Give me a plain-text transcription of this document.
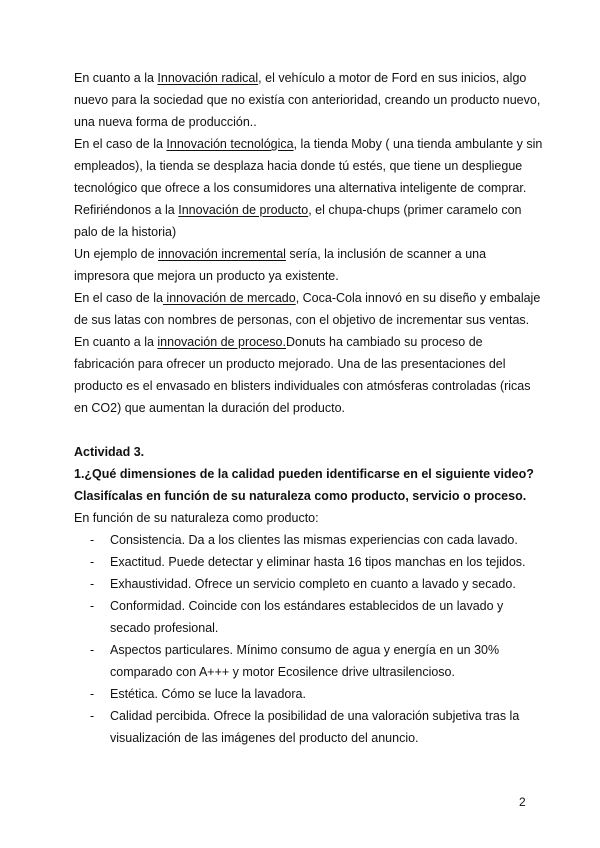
En cuanto a la Innovación radical, el vehículo a motor de Ford en sus inicios, algo nuevo para la sociedad que no existía con anterioridad, creando un producto nuevo, una nueva forma de producción..

En el caso de la Innovación tecnológica, la tienda Moby ( una tienda ambulante y sin empleados), la tienda se desplaza hacia donde tú estés, que tiene un despliegue tecnológico que ofrece a los consumidores una alternativa inteligente de comprar.

Refiriéndonos a la Innovación de producto, el chupa-chups (primer caramelo con palo de la historia)

Un ejemplo de innovación incremental sería, la inclusión de scanner a una impresora que mejora un producto ya existente.

En el caso de la innovación de mercado, Coca-Cola innovó en su diseño y embalaje de sus latas con nombres de personas, con el objetivo de incrementar sus ventas.

En cuanto a la innovación de proceso.Donuts ha cambiado su proceso de fabricación para ofrecer un producto mejorado. Una de las presentaciones del producto es el envasado en blisters individuales con atmósferas controladas (ricas en CO2) que aumentan la duración del producto.

Actividad 3.

1.¿Qué dimensiones de la calidad pueden identificarse en el siguiente video? Clasifícalas en función de su naturaleza como producto, servicio o proceso.

En función de su naturaleza como producto:

- Consistencia. Da a los clientes las mismas experiencias con cada lavado.
- Exactitud. Puede detectar y eliminar hasta 16 tipos manchas en los tejidos.
- Exhaustividad. Ofrece un servicio completo en cuanto a lavado y secado.
- Conformidad. Coincide con los estándares establecidos de un lavado y secado profesional.
- Aspectos particulares. Mínimo consumo de agua y energía en un 30% comparado con A+++ y motor Ecosilence drive ultrasilencioso.
- Estética. Cómo se luce la lavadora.
- Calidad percibida. Ofrece la posibilidad de una valoración subjetiva tras la visualización de las imágenes del producto del anuncio.
2
